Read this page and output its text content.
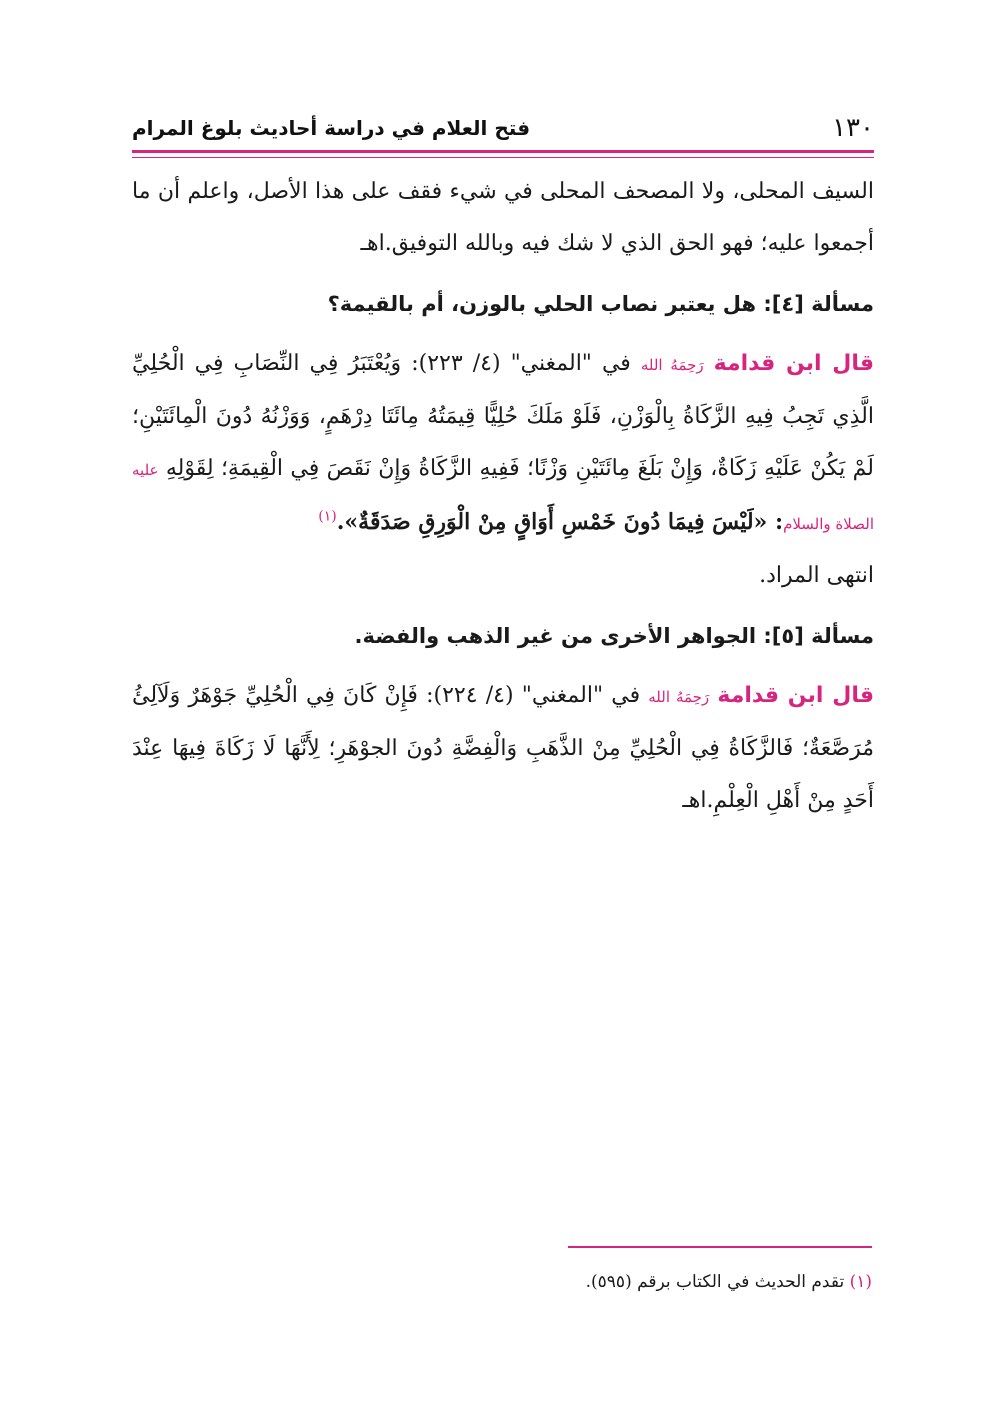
١٣٠
فتح العلام في دراسة أحاديث بلوغ المرام

السيف المحلى، ولا المصحف المحلى في شيء فقف على هذا الأصل، واعلم أن ما أجمعوا عليه؛ فهو الحق الذي لا شك فيه وبالله التوفيق.اهـ

مسألة [٤]: هل يعتبر نصاب الحلي بالوزن، أم بالقيمة؟

قال ابن قدامة رَحِمَهُ الله في "المغني" (٤/ ٢٢٣): وَيُعْتَبَرُ فِي النِّصَابِ فِي الْحُلِيِّ الَّذِي تَجِبُ فِيهِ الزَّكَاةُ بِالْوَزْنِ، فَلَوْ مَلَكَ حُلِيًّا قِيمَتُهُ مِائَتَا دِرْهَمٍ، وَوَزْنُهُ دُونَ الْمِائَتَيْنِ؛ لَمْ يَكُنْ عَلَيْهِ زَكَاةٌ، وَإِنْ بَلَغَ مِائَتَيْنِ وَزْنًا؛ فَفِيهِ الزَّكَاةُ وَإِنْ نَقَصَ فِي الْقِيمَةِ؛ لِقَوْلِهِ عليه الصلاة والسلام: «لَيْسَ فِيمَا دُونَ خَمْسِ أَوَاقٍ مِنْ الْوَرِقِ صَدَقَةٌ».$^{(١)}$

انتهى المراد.

مسألة [٥]: الجواهر الأخرى من غير الذهب والفضة.

قال ابن قدامة رَحِمَهُ الله في "المغني" (٤/ ٢٢٤): فَإِنْ كَانَ فِي الْحُلِيِّ جَوْهَرٌ وَلَآلِئُ مُرَصَّعَةٌ؛ فَالزَّكَاةُ فِي الْحُلِيِّ مِنْ الذَّهَبِ وَالْفِضَّةِ دُونَ الجوْهَرِ؛ لِأَنَّهَا لَا زَكَاةَ فِيهَا عِنْدَ أَحَدٍ مِنْ أَهْلِ الْعِلْمِ.اهـ

(١) تقدم الحديث في الكتاب برقم (٥٩٥).
